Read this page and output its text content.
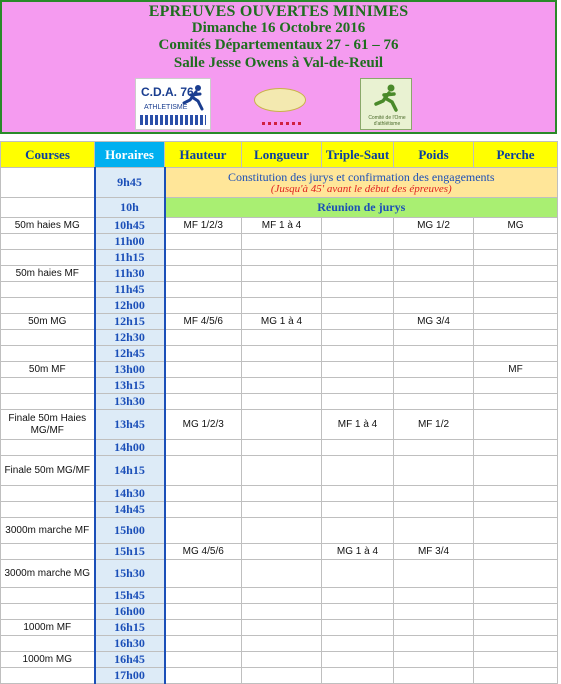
EPREUVES OUVERTES MINIMES
Dimanche 16 Octobre 2016
Comités Départementaux 27 - 61 – 76
Salle Jesse Owens à Val-de-Reuil
C.D.A. 76
ATHLETISME
Comité de l'Orne d'athlétisme
Courses	Horaires	Hauteur	Longueur	Triple-Saut	Poids	Perche
	9h45	Constitution des jurys et confirmation des engagements
(Jusqu'à 45' avant le début des épreuves)				

	10h	Réunion de jurys				
50m haies MG	10h45	MF 1/2/3	MF 1 à 4		MG 1/2	MG
	11h00					
	11h15					
50m haies MF	11h30					
	11h45					
	12h00					
50m MG	12h15	MF 4/5/6	MG 1 à 4		MG 3/4	
	12h30					
	12h45					
50m MF	13h00					MF
	13h15					
	13h30					
Finale 50m Haies MG/MF	13h45	MG 1/2/3		MF 1 à 4	MF 1/2	
	14h00					
Finale 50m MG/MF	14h15					
	14h30					
	14h45					
3000m marche MF	15h00					
	15h15	MG 4/5/6		MG 1 à 4	MF 3/4	
3000m marche MG	15h30					
	15h45					
	16h00					
1000m MF	16h15					
	16h30					
1000m MG	16h45					
	17h00					
